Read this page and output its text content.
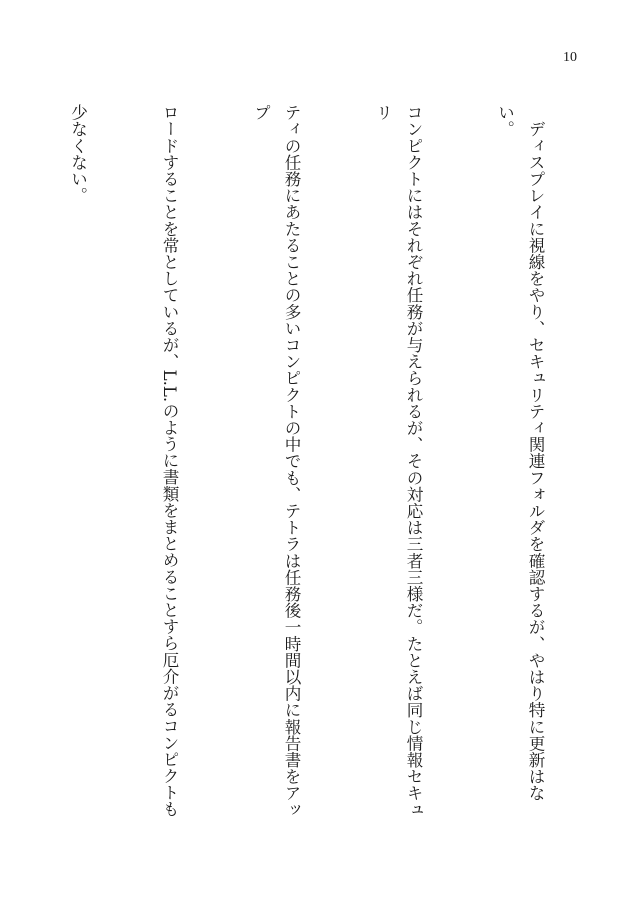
10

　ディスプレイに視線をやり、セキュリティ関連フォルダを確認するが、やはり特に更新はない。

コンピクトにはそれぞれ任務が与えられるが、その対応は三者三様だ。たとえば同じ情報セキュリ

ティの任務にあたることの多いコンピクトの中でも、テトラは任務後一時間以内に報告書をアップ

ロードすることを常としているが、L.L.のように書類をまとめることすら厄介がるコンピクトも

少なくない。
